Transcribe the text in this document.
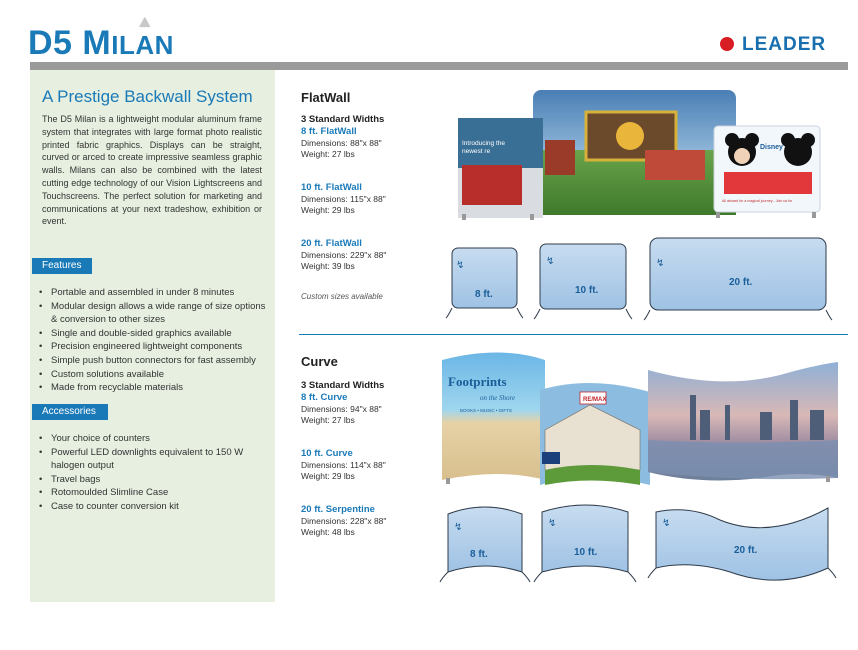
D5 MILAN	LEADER
A Prestige Backwall System
The D5 Milan is a lightweight modular aluminum frame system that integrates with large format photo realistic printed fabric graphics. Displays can be straight, curved or arced to create impressive seamless graphic walls. Milans can also be combined with the latest cutting edge technology of our Vision Lightscreens and Touchscreens. The perfect solution for marketing and communications at your next tradeshow, exhibition or event.
Features
• Portable and assembled in under 8 minutes
• Modular design allows a wide range of size options & conversion to other sizes
• Single and double-sided graphics available
• Precision engineered lightweight components
• Simple push button connectors for fast assembly
• Custom solutions available
• Made from recyclable materials
Accessories
• Your choice of counters
• Powerful LED downlights equivalent to 150 W halogen output
• Travel bags
• Rotomoulded Slimline Case
• Case to counter conversion kit
FlatWall
3 Standard Widths
8 ft. FlatWall
Dimensions: 88"x 88"
Weight: 27 lbs
10 ft. FlatWall
Dimensions: 115"x 88"
Weight: 29 lbs
20 ft. FlatWall
Dimensions: 229"x 88"
Weight: 39 lbs
Custom sizes available
Curve
3 Standard Widths
8 ft. Curve
Dimensions: 94"x 88"
Weight: 27 lbs
10 ft. Curve
Dimensions: 114"x 88"
Weight: 29 lbs
20 ft. Serpentine
Dimensions: 228"x 88"
Weight: 48 lbs
Introducing the
newest re
Disney
All aboard for a magical journey - Join us for
↯	↯	↯
Footprints
on the Shore
BOOKS • MUSIC • GIFTS
RE/MAX
↯	↯	↯
8 ft.	10 ft.
20 ft.
8 ft.	10 ft.	20 ft.
